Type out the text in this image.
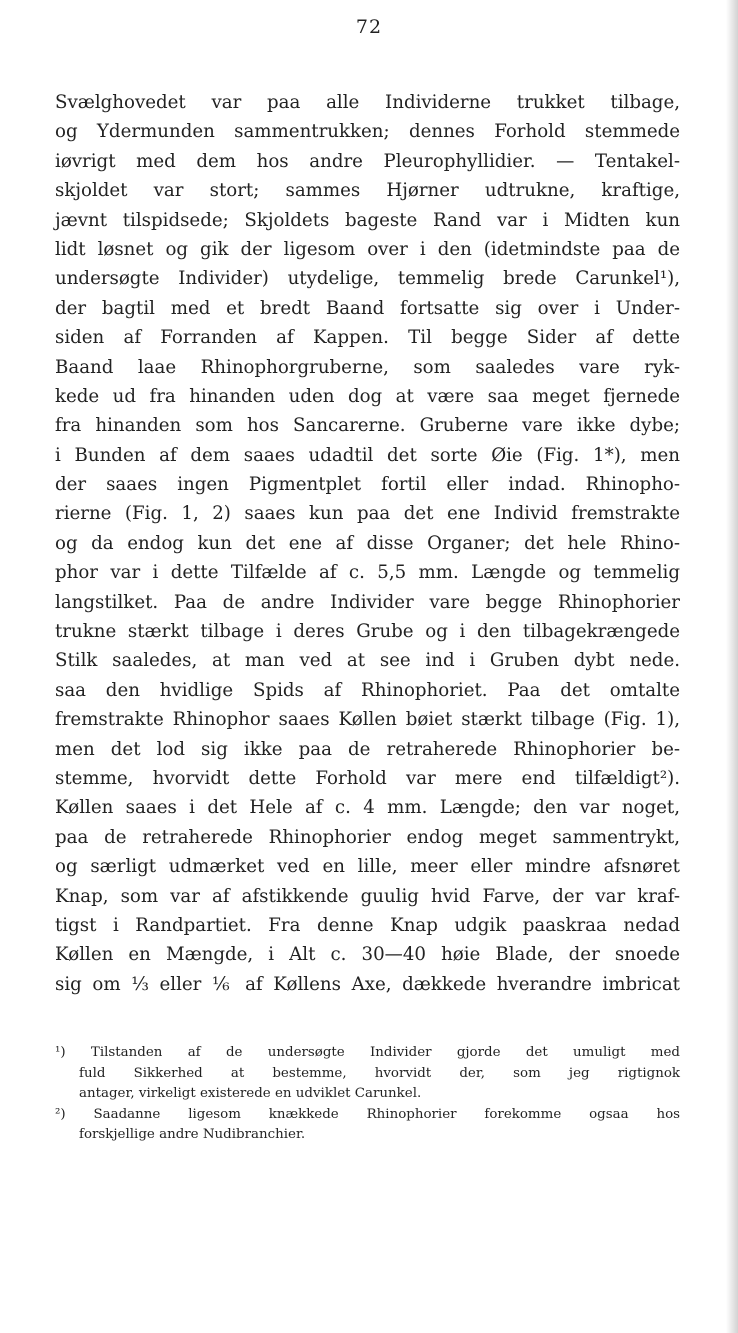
72
Svælghovedet var paa alle Individerne trukket tilbage,
og Ydermunden sammentrukken; dennes Forhold stemmede
iøvrigt med dem hos andre Pleurophyllidier. — Tentakel-
skjoldet var stort; sammes Hjørner udtrukne, kraftige,
jævnt tilspidsede; Skjoldets bageste Rand var i Midten kun
lidt løsnet og gik der ligesom over i den (idetmindste paa de
undersøgte Individer) utydelige, temmelig brede Carunkel¹),
der bagtil med et bredt Baand fortsatte sig over i Under-
siden af Forranden af Kappen. Til begge Sider af dette
Baand laae Rhinophorgruberne, som saaledes vare ryk-
kede ud fra hinanden uden dog at være saa meget fjernede
fra hinanden som hos Sancarerne. Gruberne vare ikke dybe;
i Bunden af dem saaes udadtil det sorte Øie (Fig. 1*), men
der saaes ingen Pigmentplet fortil eller indad. Rhinopho-
rierne (Fig. 1, 2) saaes kun paa det ene Individ fremstrakte
og da endog kun det ene af disse Organer; det hele Rhino-
phor var i dette Tilfælde af c. 5,5 mm. Længde og temmelig
langstilket. Paa de andre Individer vare begge Rhinophorier
trukne stærkt tilbage i deres Grube og i den tilbagekrængede
Stilk saaledes, at man ved at see ind i Gruben dybt nede.
saa den hvidlige Spids af Rhinophoriet. Paa det omtalte
fremstrakte Rhinophor saaes Køllen bøiet stærkt tilbage (Fig. 1),
men det lod sig ikke paa de retraherede Rhinophorier be-
stemme, hvorvidt dette Forhold var mere end tilfældigt²).
Køllen saaes i det Hele af c. 4 mm. Længde; den var noget,
paa de retraherede Rhinophorier endog meget sammentrykt,
og særligt udmærket ved en lille, meer eller mindre afsnøret
Knap, som var af afstikkende guulig hvid Farve, der var kraf-
tigst i Randpartiet. Fra denne Knap udgik paaskraa nedad
Køllen en Mængde, i Alt c. 30—40 høie Blade, der snoede
sig om ⅓ eller ⅙ af Køllens Axe, dækkede hverandre imbricat
¹) Tilstanden af de undersøgte Individer gjorde det umuligt med
fuld Sikkerhed at bestemme, hvorvidt der, som jeg rigtignok
antager, virkeligt existerede en udviklet Carunkel.
²) Saadanne ligesom knækkede Rhinophorier forekomme ogsaa hos
forskjellige andre Nudibranchier.
